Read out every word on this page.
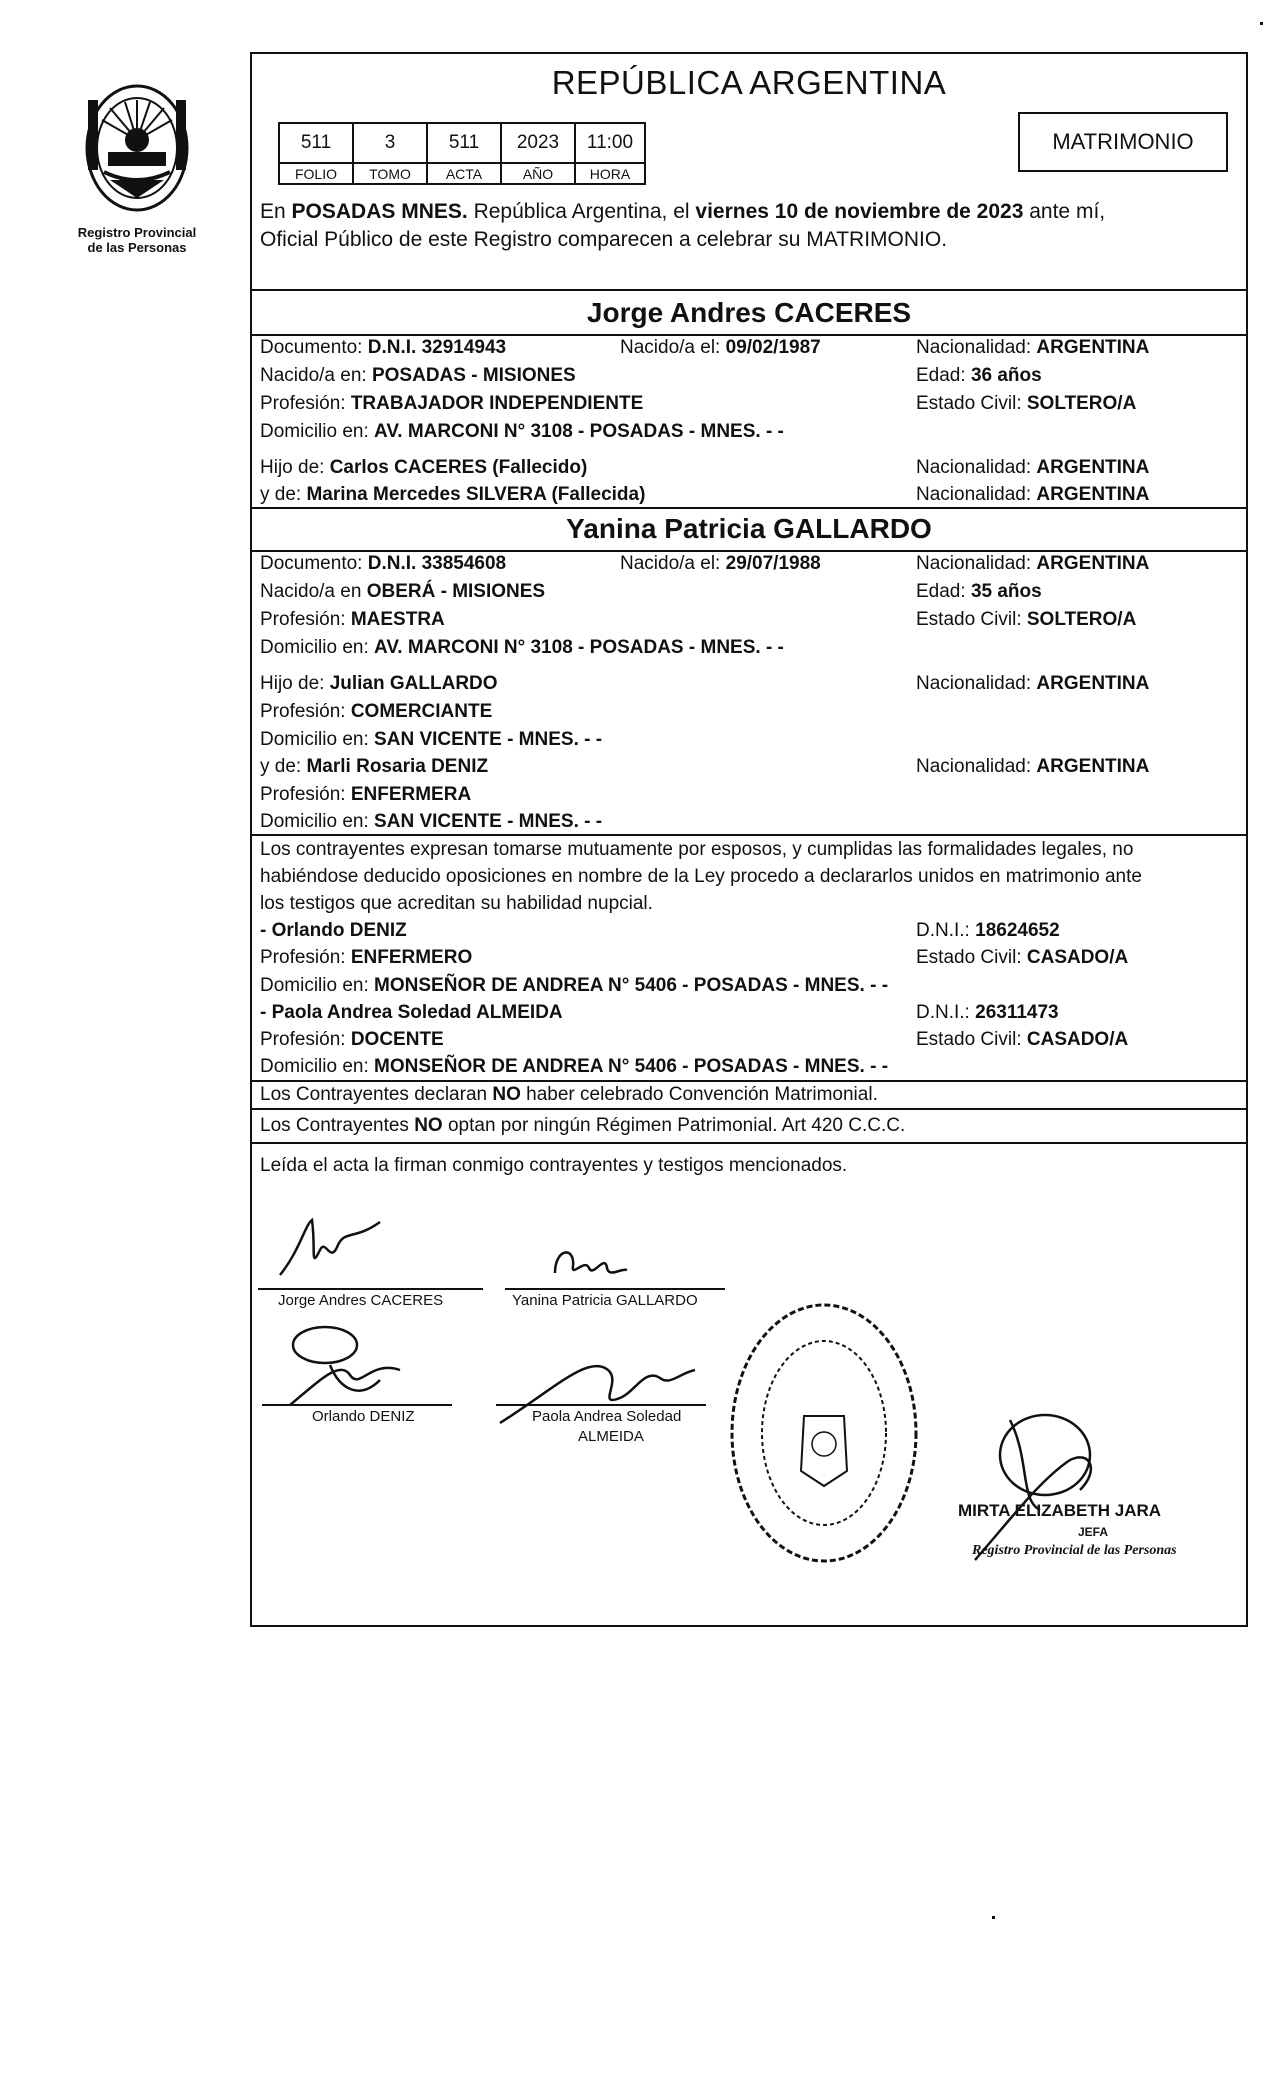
Registro Provincial
de las Personas
REPÚBLICA ARGENTINA
511	3	511	2023	11:00
FOLIO	TOMO	ACTA	AÑO	HORA
MATRIMONIO
En POSADAS MNES. República Argentina, el viernes 10 de noviembre de 2023 ante mí,
Oficial Público de este Registro comparecen a celebrar su MATRIMONIO.
Jorge Andres CACERES
Documento: D.N.I. 32914943	Nacido/a el: 09/02/1987	Nacionalidad: ARGENTINA
Nacido/a en: POSADAS - MISIONES	Edad: 36 años
Profesión: TRABAJADOR INDEPENDIENTE	Estado Civil: SOLTERO/A
Domicilio en: AV. MARCONI N° 3108 - POSADAS - MNES. - -
Hijo de: Carlos CACERES (Fallecido)	Nacionalidad: ARGENTINA
y de: Marina Mercedes SILVERA (Fallecida)	Nacionalidad: ARGENTINA
Yanina Patricia GALLARDO
Documento: D.N.I. 33854608	Nacido/a el: 29/07/1988	Nacionalidad: ARGENTINA
Nacido/a en OBERÁ - MISIONES	Edad: 35 años
Profesión: MAESTRA	Estado Civil: SOLTERO/A
Domicilio en: AV. MARCONI N° 3108 - POSADAS - MNES. - -
Hijo de: Julian GALLARDO	Nacionalidad: ARGENTINA
Profesión: COMERCIANTE
Domicilio en: SAN VICENTE - MNES. - -
y de: Marli Rosaria DENIZ	Nacionalidad: ARGENTINA
Profesión: ENFERMERA
Domicilio en: SAN VICENTE - MNES. - -
Los contrayentes expresan tomarse mutuamente por esposos, y cumplidas las formalidades legales, no
habiéndose deducido oposiciones en nombre de la Ley procedo a declararlos unidos en matrimonio ante
los testigos que acreditan su habilidad nupcial.
- Orlando DENIZ	D.N.I.: 18624652
Profesión: ENFERMERO	Estado Civil: CASADO/A
Domicilio en: MONSEÑOR DE ANDREA N° 5406 - POSADAS - MNES. - -
- Paola Andrea Soledad ALMEIDA	D.N.I.: 26311473
Profesión: DOCENTE	Estado Civil: CASADO/A
Domicilio en: MONSEÑOR DE ANDREA N° 5406 - POSADAS - MNES. - -
Los Contrayentes declaran NO haber celebrado Convención Matrimonial.
Los Contrayentes NO optan por ningún Régimen Patrimonial. Art 420 C.C.C.
Leída el acta la firman conmigo contrayentes y testigos mencionados.
Jorge Andres CACERES	Yanina Patricia GALLARDO
Orlando DENIZ	Paola Andrea Soledad
ALMEIDA
MIRTA ELIZABETH JARA
JEFA
Registro Provincial de las Personas
